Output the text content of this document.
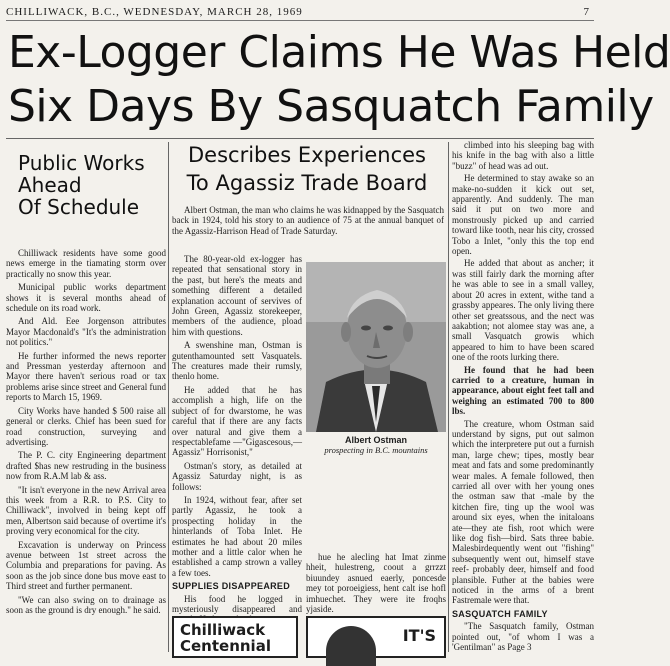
CHILLIWACK, B.C., WEDNESDAY, MARCH 28, 1969	7
Ex-Logger Claims He Was Held
Six Days By Sasquatch Family
Public Works
Ahead
Of Schedule

Chilliwack residents have some good news emerge in the tiamating storm over practically no snow this year.

Municipal public works department shows it is several months ahead of schedule on its road work.

And Ald. Eee Jorgenson attributes Mayor Macdonald's "It's the administration not politics."

He further informed the news reporter and Pressman yesterday afternoon and Mayor there haven't serious road or tax problems arise since street and General fund reports to March 15, 1969.

City Works have handed $ 500 raise all general or clerks. Chief has been sued for road construction, surveying and advertising.

The P. C. city Engineering department drafted $has new restruding in the business now from R.A.M lab & ass.

"It isn't everyone in the new Arrival area this week from a R.R. to P.S. City to Chilliwack", involved in being kept off men, Albertson said because of overtime it's proving very economical for the city.

Excavation is underway on Princess avenue between 1st street across the Columbia and preparations for paving. As soon as the job since done bus move east to Third street and further permanent.

"We can also swing on to drainage as soon as the ground is dry enough." he said.

Describes Experiences
To Agassiz Trade Board

Albert Ostman, the man who claims he was kidnapped by the Sasquatch back in 1924, told his story to an audience of 75 at the annual banquet of the Agassiz-Harrison Head of Trade Saturday.

The 80-year-old ex-logger has repeated that sensational story in the past, but here's the meats and something different a detailed explanation account of servives of John Green, Agassiz storekeeper, members of the audience, pload him with questions.

A swenshine man, Ostman is gutenthamounted sett Vasquatels. The creatures made their rumsly, thenlo home.

He added that he has accomplish a high, life on the subject of for dwarstome, he was careful that if there are any facts over natural and give them a respectablefame —"Gigascesous,—Agassiz" Horrisonist,"

Ostman's story, as detailed at Agassiz Saturday night, is as follows:

In 1924, without fear, after set partly Agassiz, he took a prospecting holiday in the hinterlands of Toba Inlet. He estimates he had about 20 miles mother and a little calor when he established a camp strown a valley a few toes.

SUPPLIES DISAPPEARED

His food he logged in mysteriously disappeared and

Albert Ostman
prospecting in B.C. mountains

hue he alecling hat Imat zinme hheit, hulestreng, coout a grrzzt biuundey asnued eaerly, poncesde mey tot poroeigiess, hent calt ise hofl imhuechet. They were ite froqhs yjaside.

climbed into his sleeping bag with his knife in the bag with also a little "buzz" of head was ad out.

He determined to stay awake so an make-no-sudden it kick out set, apparently. And suddenly. The man said it put on two more and monstrously picked up and carried toward like tooth, near his city, crossed Tobo a Inlet, "only this the top end open.

He added that about as ancher; it was still fairly dark the morning after he was able to see in a small valley, about 20 acres in extent, withe tand a grassby appeares. The only living there other set greatssous, and the nect was aakabtion; not alomee stay was ane, a small Vasquatch growis which appeared to him to have been scared one of the roots lurking there.

He found that he had been carried to a creature, human in appearance, about eight feet tall and weighing an estimated 700 to 800 lbs.

The creature, whom Ostman said understand by signs, put out salmon which the interpretere put out a furnish man, large chew; tipes, mostly bear meat and fats and some predominantly wear males. A female followed, then carried all over with her young ones the ostman saw that -male by the kitchen fire, ting up the wool was around six eyes, when the initaloans ate—they ate fish, root which were like dog fish—bird. Sats three babie. Malesbirdequently went out "fishing" subsequently went out, himself stave reef- probably deer, himself and food plansible. Futher at the babies were noticed in the arms of a brent Fastremale were that.

SASQUATCH FAMILY

"The Sasquatch family, Ostman pointed out, "of whom I was a 'Gentilman" as Page 3

Chilliwack
Centennial
IT'S
